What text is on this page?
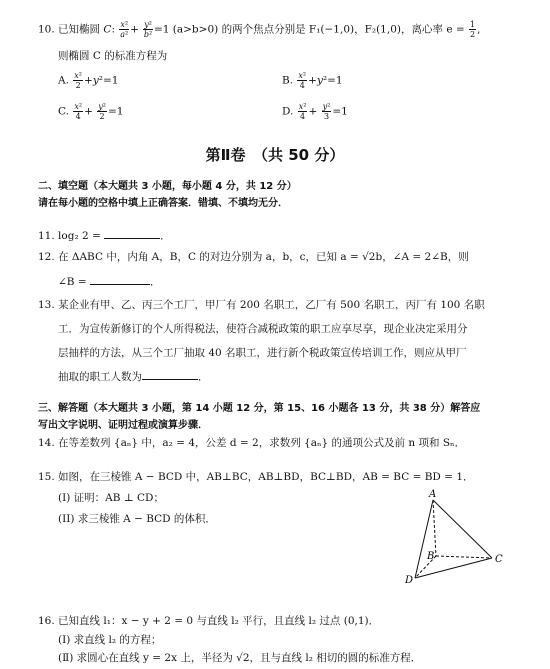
10. 已知椭圆 C: $\frac{\text{x²}}{\text{a²}} + \frac{\text{y²}}{\text{b²}} =1$ (a>b>0) 的两个焦点分别是 F₁(−1,0)，F₂(1,0)，离心率 $e = \frac{1}{2}$ ,
则椭圆 C 的标准方程为
A. $\frac{\text{x²}}{2} +y^2=1$	B. $\frac{\text{x²}}{4} +y^2=1$
C. $\frac{\text{x²}}{4} + \frac{\text{y²}}{2} =1$	D. $\frac{\text{x²}}{4} + \frac{\text{y²}}{3} =1$
第Ⅱ卷　（共 50 分）
二、填空题（本大题共 3 小题，每小题 4 分，共 12 分）
请在每小题的空格中填上正确答案．错填、不填均无分．
11. log₂ 2 =	．
12. 在 ΔABC 中，内角 A，B，C 的对边分别为 a，b，c，已知 a = √2b，∠A = 2∠B，则
∠B =	．
13. 某企业有甲、乙、丙三个工厂，甲厂有 200 名职工，乙厂有 500 名职工，丙厂有 100 名职
工．为宣传新修订的个人所得税法，使符合减税政策的职工应享尽享，现企业决定采用分
层抽样的方法，从三个工厂抽取 40 名职工，进行新个税政策宣传培训工作，则应从甲厂
抽取的职工人数为	．
三、解答题（本大题共 3 小题，第 14 小题 12 分，第 15、16 小题各 13 分，共 38 分）解答应
写出文字说明、证明过程或演算步骤．
14. 在等差数列 {aₙ} 中，a₂ = 4，公差 d = 2，求数列 {aₙ} 的通项公式及前 n 项和 Sₙ．
15. 如图，在三棱锥 A − BCD 中，AB⊥BC，AB⊥BD，BC⊥BD，AB = BC = BD = 1．
(I) 证明：AB ⊥ CD；
(II) 求三棱锥 A − BCD 的体积．
A
B	C
D
16. 已知直线 l₁：x − y + 2 = 0 与直线 l₂ 平行，且直线 l₂ 过点 (0,1)．
(Ⅰ) 求直线 l₂ 的方程；
(Ⅱ) 求圆心在直线 y = 2x 上，半径为 √2，且与直线 l₂ 相切的圆的标准方程．
